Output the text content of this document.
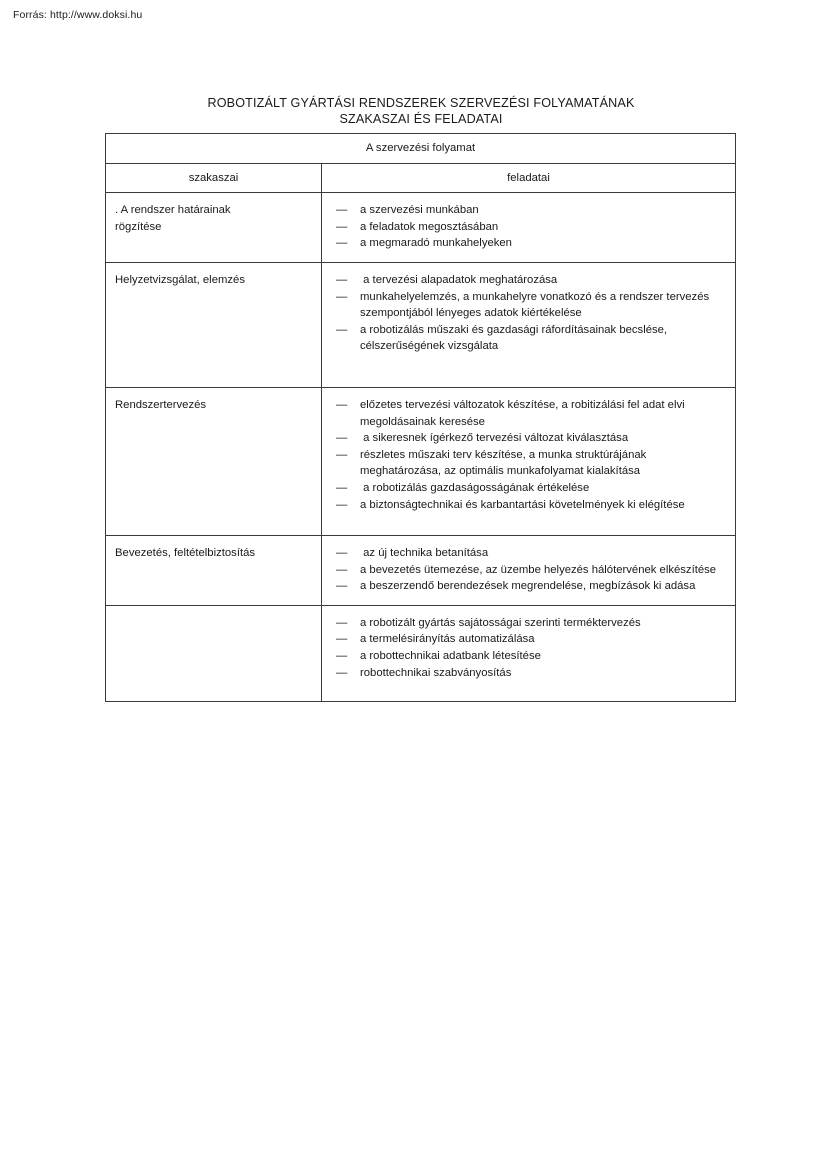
Forrás: http://www.doksi.hu
ROBOTIZÁLT GYÁRTÁSI RENDSZEREK SZERVEZÉSI FOLYAMATÁNAK
SZAKASZAI ÉS FELADATAI
A szervezési folyamat	
szakaszai	feladatai

. A rendszer határainak
rögzítése

— a szervezési munkában
— a feladatok megosztásában
— a megmaradó munkahelyeken

Helyzetvizsgálat, elemzés	— a tervezési alapadatok meghatározása
— munkahelyelemzés, a munkahelyre vonatkozó és a rendszer tervezés szempontjából lényeges adatok kiértékelése
— a robotizálás műszaki és gazdasági ráfordításainak becslése, célszerűségének vizsgálata

Rendszertervezés	— előzetes tervezési változatok készítése, a robitizálási fel adat elvi megoldásainak keresése
— a sikeresnek ígérkező tervezési változat kiválasztása
— részletes műszaki terv készítése, a munka struktúrájának meghatározása, az optimális munkafolyamat kialakítása
— a robotizálás gazdaságosságának értékelése
— a biztonságtechnikai és karbantartási követelmények ki elégítése

Bevezetés, feltételbiztosítás	— az új technika betanítása
— a bevezetés ütemezése, az üzembe helyezés hálótervének elkészítése
— a beszerzendő berendezések megrendelése, megbízások ki adása

— a robotizált gyártás sajátosságai szerinti terméktervezés
— a termelésirányítás automatizálása
— a robottechnikai adatbank létesítése
— robottechnikai szabványosítás
